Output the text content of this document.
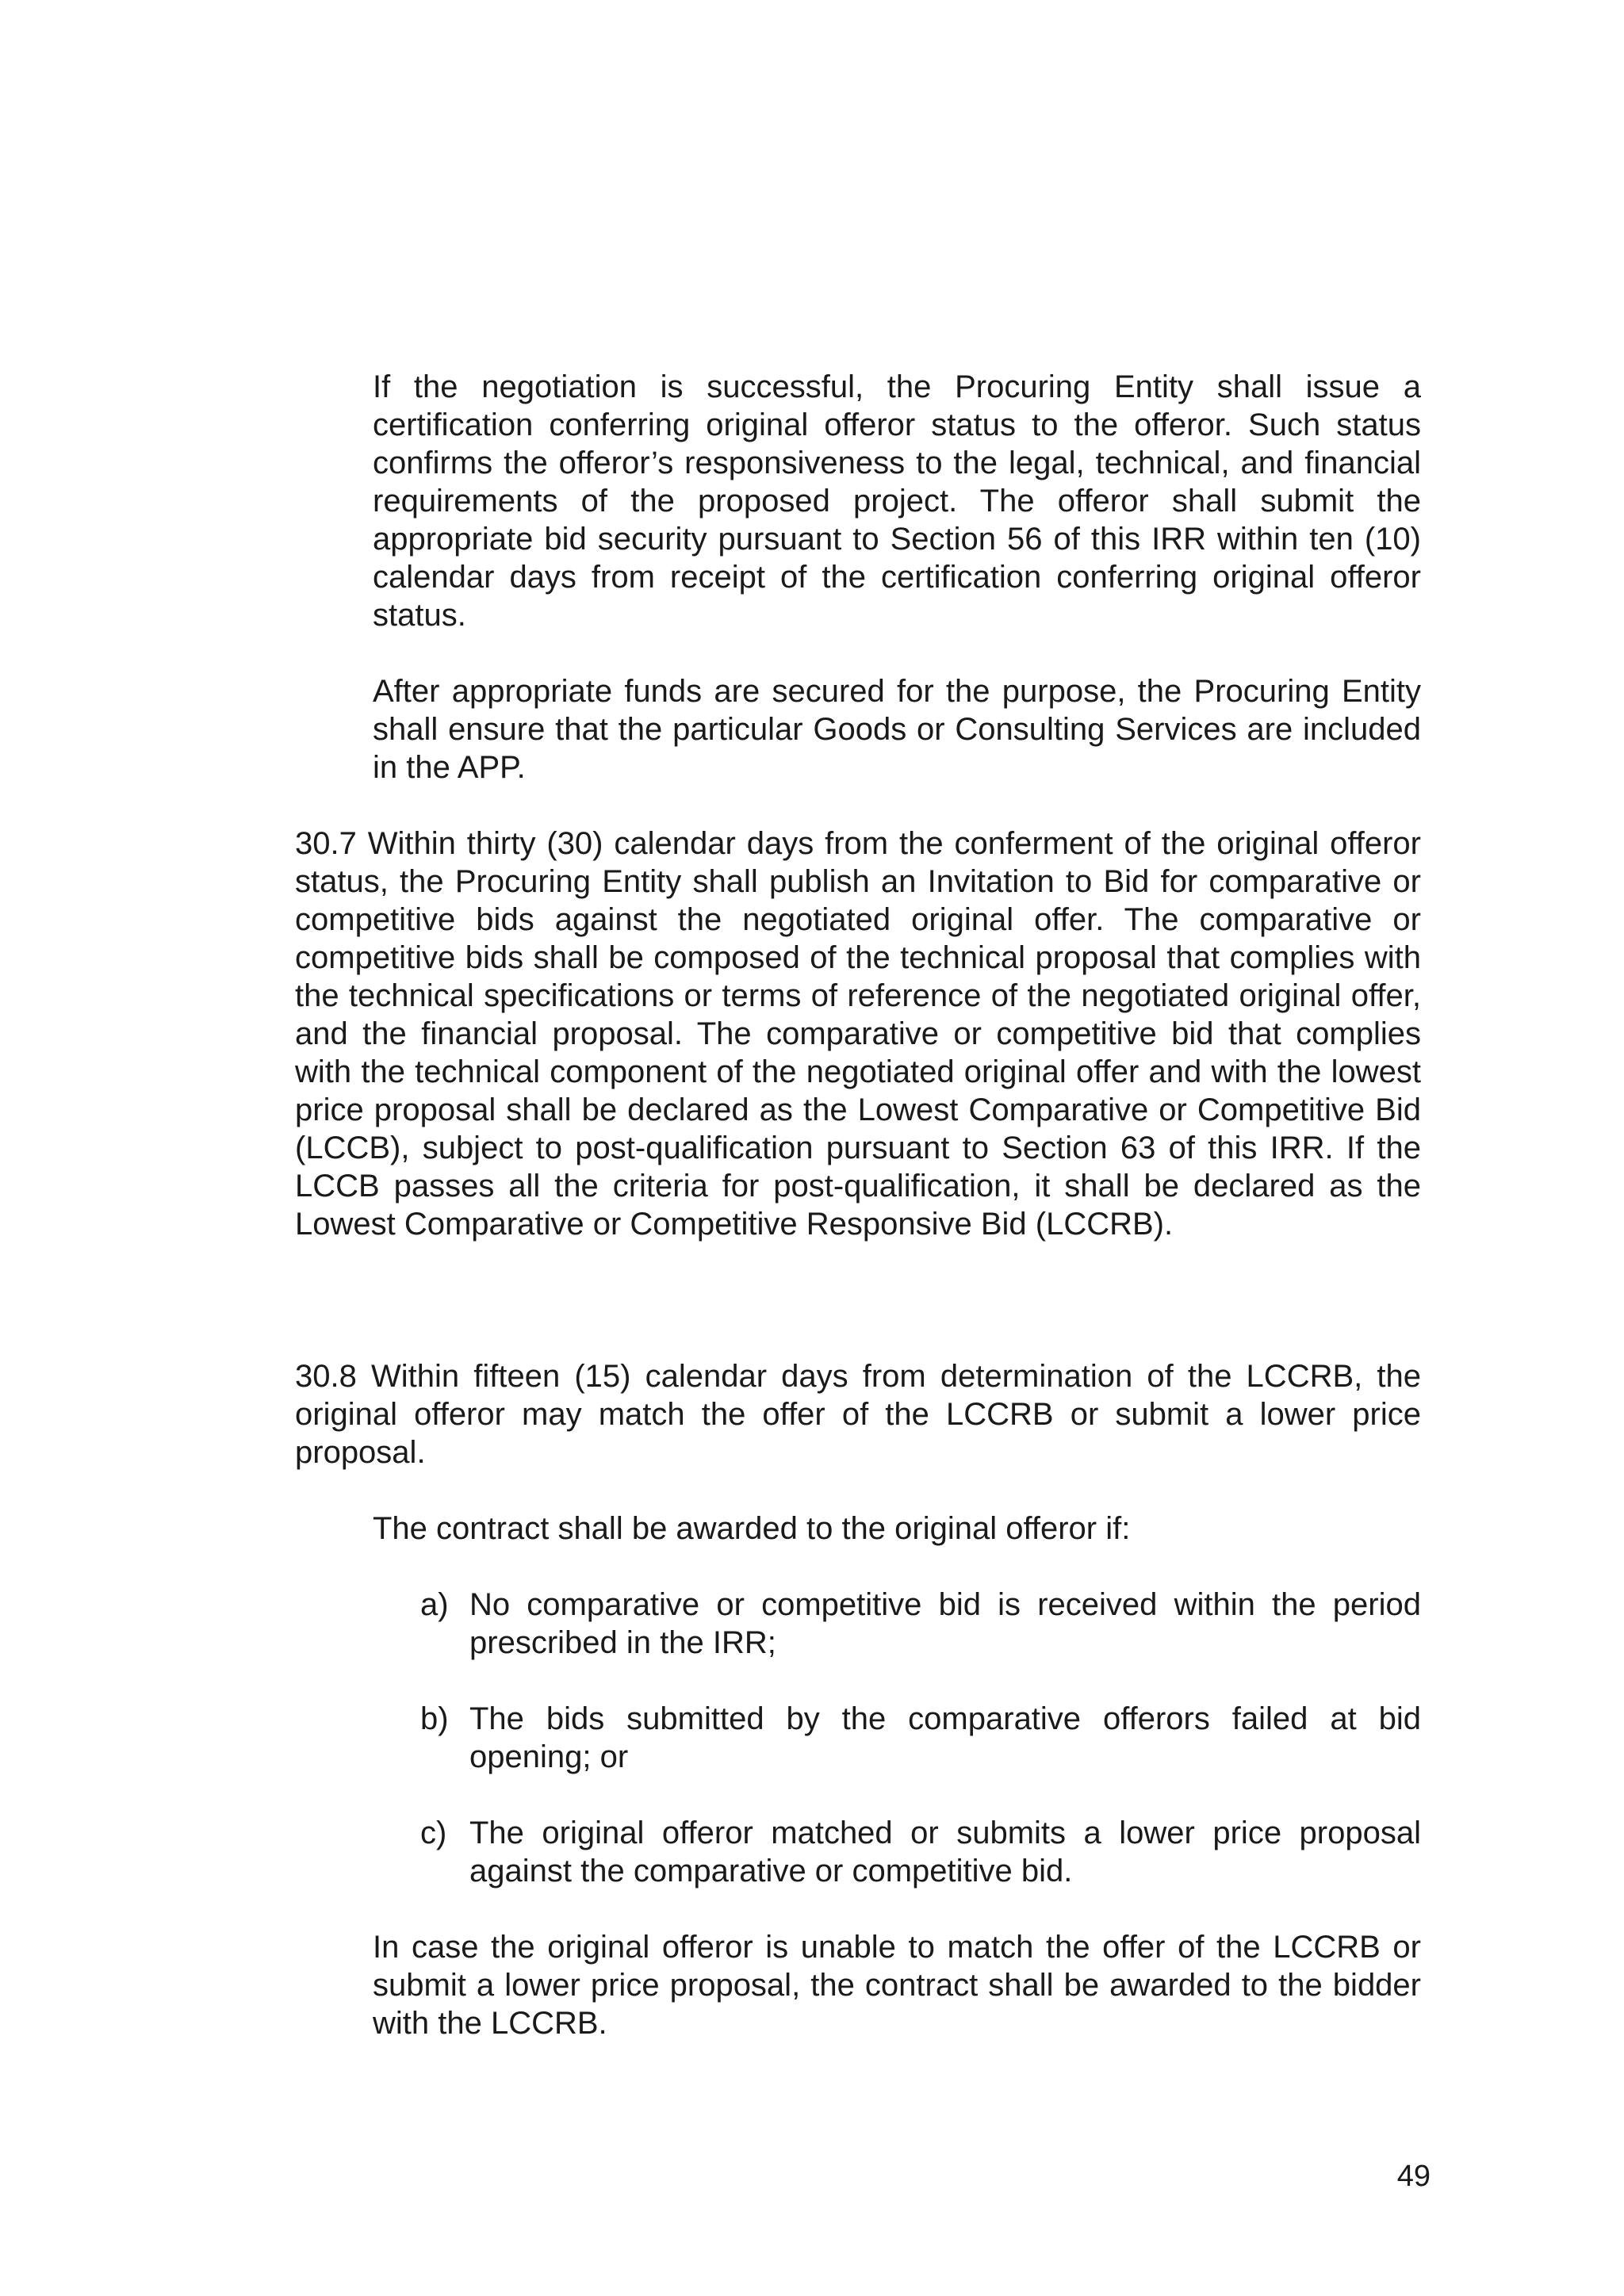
If the negotiation is successful, the Procuring Entity shall issue a certification conferring original offeror status to the offeror. Such status confirms the offeror’s responsiveness to the legal, technical, and financial requirements of the proposed project. The offeror shall submit the appropriate bid security pursuant to Section 56 of this IRR within ten (10) calendar days from receipt of the certification conferring original offeror status.

After appropriate funds are secured for the purpose, the Procuring Entity shall ensure that the particular Goods or Consulting Services are included in the APP.

30.7 Within thirty (30) calendar days from the conferment of the original offeror status, the Procuring Entity shall publish an Invitation to Bid for comparative or competitive bids against the negotiated original offer. The comparative or competitive bids shall be composed of the technical proposal that complies with the technical specifications or terms of reference of the negotiated original offer, and the financial proposal. The comparative or competitive bid that complies with the technical component of the negotiated original offer and with the lowest price proposal shall be declared as the Lowest Comparative or Competitive Bid (LCCB), subject to post-qualification pursuant to Section 63 of this IRR. If the LCCB passes all the criteria for post-qualification, it shall be declared as the Lowest Comparative or Competitive Responsive Bid (LCCRB).

30.8 Within fifteen (15) calendar days from determination of the LCCRB, the original offeror may match the offer of the LCCRB or submit a lower price proposal.

The contract shall be awarded to the original offeror if:

a) No comparative or competitive bid is received within the period prescribed in the IRR;
b) The bids submitted by the comparative offerors failed at bid opening; or
c) The original offeror matched or submits a lower price proposal against the comparative or competitive bid.

In case the original offeror is unable to match the offer of the LCCRB or submit a lower price proposal, the contract shall be awarded to the bidder with the LCCRB.

49
